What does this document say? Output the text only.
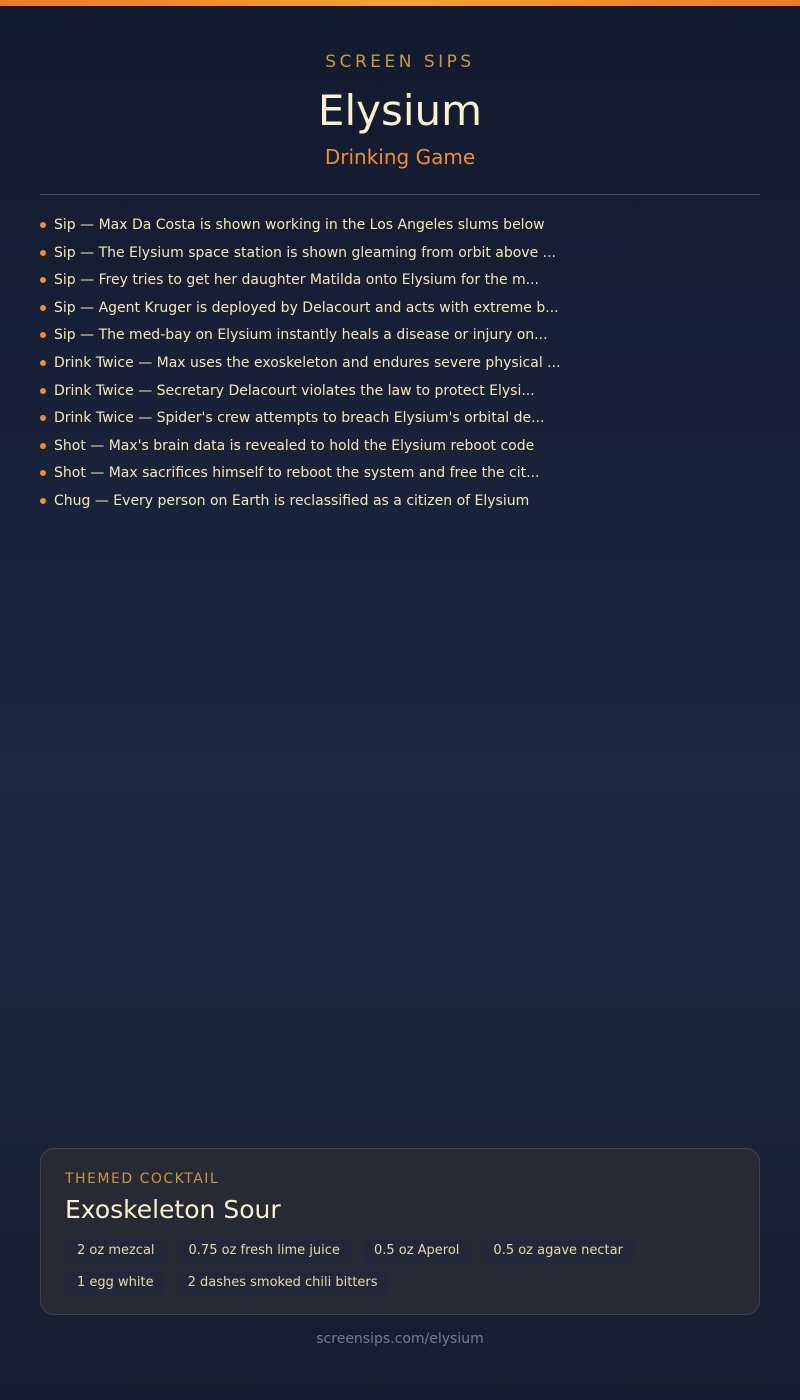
SCREEN SIPS
Elysium
Drinking Game
Sip — Max Da Costa is shown working in the Los Angeles slums below
Sip — The Elysium space station is shown gleaming from orbit above ...
Sip — Frey tries to get her daughter Matilda onto Elysium for the m...
Sip — Agent Kruger is deployed by Delacourt and acts with extreme b...
Sip — The med-bay on Elysium instantly heals a disease or injury on...
Drink Twice — Max uses the exoskeleton and endures severe physical ...
Drink Twice — Secretary Delacourt violates the law to protect Elysi...
Drink Twice — Spider's crew attempts to breach Elysium's orbital de...
Shot — Max's brain data is revealed to hold the Elysium reboot code
Shot — Max sacrifices himself to reboot the system and free the cit...
Chug — Every person on Earth is reclassified as a citizen of Elysium
THEMED COCKTAIL
Exoskeleton Sour
2 oz mezcal	0.75 oz fresh lime juice	0.5 oz Aperol	0.5 oz agave nectar
1 egg white	2 dashes smoked chili bitters
screensips.com/elysium
